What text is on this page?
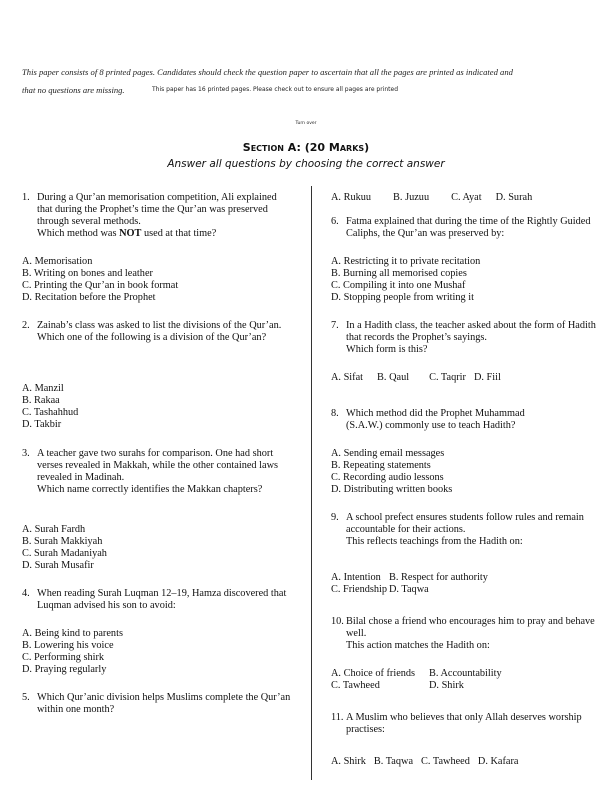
This paper consists of 8 printed pages. Candidates should check the question paper to ascertain that all the pages are printed as indicated and
that no questions are missing.	This paper has 16 printed pages. Please check out to ensure all pages are printed
Turn over
Section A: (20 Marks)
Answer all questions by choosing the correct answer
1. During a Qur’an memorisation competition, Ali explained that during the Prophet’s time the Qur’an was preserved through several methods.
Which method was NOT used at that time?
A. Memorisation
B. Writing on bones and leather
C. Printing the Qur’an in book format
D. Recitation before the Prophet
2. Zainab’s class was asked to list the divisions of the Qur’an.
Which one of the following is a division of the Qur’an?
A. Manzil
B. Rakaa
C. Tashahhud
D. Takbir
3. A teacher gave two surahs for comparison. One had short verses revealed in Makkah, while the other contained laws revealed in Madinah.
Which name correctly identifies the Makkan chapters?
A. Surah Fardh
B. Surah Makkiyah
C. Surah Madaniyah
D. Surah Musafir
4. When reading Surah Luqman 12–19, Hamza discovered that Luqman advised his son to avoid:
A. Being kind to parents
B. Lowering his voice
C. Performing shirk
D. Praying regularly
5. Which Qur’anic division helps Muslims complete the Qur’an within one month?
A. Rukuu B. Juzuu C. Ayat D. Surah
6. Fatma explained that during the time of the Rightly Guided Caliphs, the Qur’an was preserved by:
A. Restricting it to private recitation
B. Burning all memorised copies
C. Compiling it into one Mushaf
D. Stopping people from writing it
7. In a Hadith class, the teacher asked about the form of Hadith that records the Prophet’s sayings.
Which form is this?
A. Sifat B. Qaul C. Taqrir D. Fiil
8. Which method did the Prophet Muhammad (S.A.W.) commonly use to teach Hadith?
A. Sending email messages
B. Repeating statements
C. Recording audio lessons
D. Distributing written books
9. A school prefect ensures students follow rules and remain accountable for their actions.
This reflects teachings from the Hadith on:
A. Intention B. Respect for authority
C. Friendship D. Taqwa
10. Bilal chose a friend who encourages him to pray and behave well.
This action matches the Hadith on:
A. Choice of friends B. Accountability
C. Tawheed	D. Shirk
11. A Muslim who believes that only Allah deserves worship practises:
A. Shirk B. Taqwa C. Tawheed D. Kafara
